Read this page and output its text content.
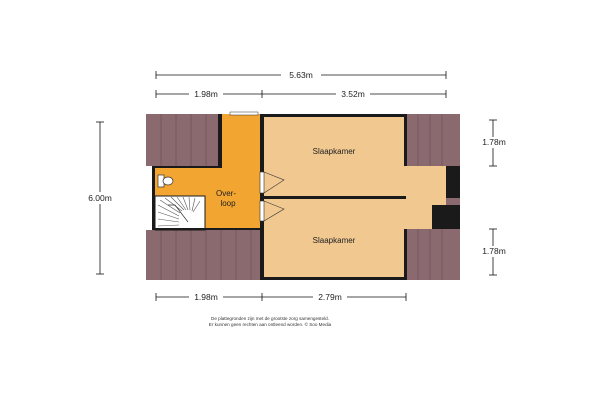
5.63m
1.98m	3.52m
1.98m	2.79m
6.00m
1.78m
1.78m
Slaapkamer
Slaapkamer
Over-
loop
De plattegronden zijn met de grootste zorg samengesteld.
Er kunnen geen rechten aan ontleend worden. © Soo Media
